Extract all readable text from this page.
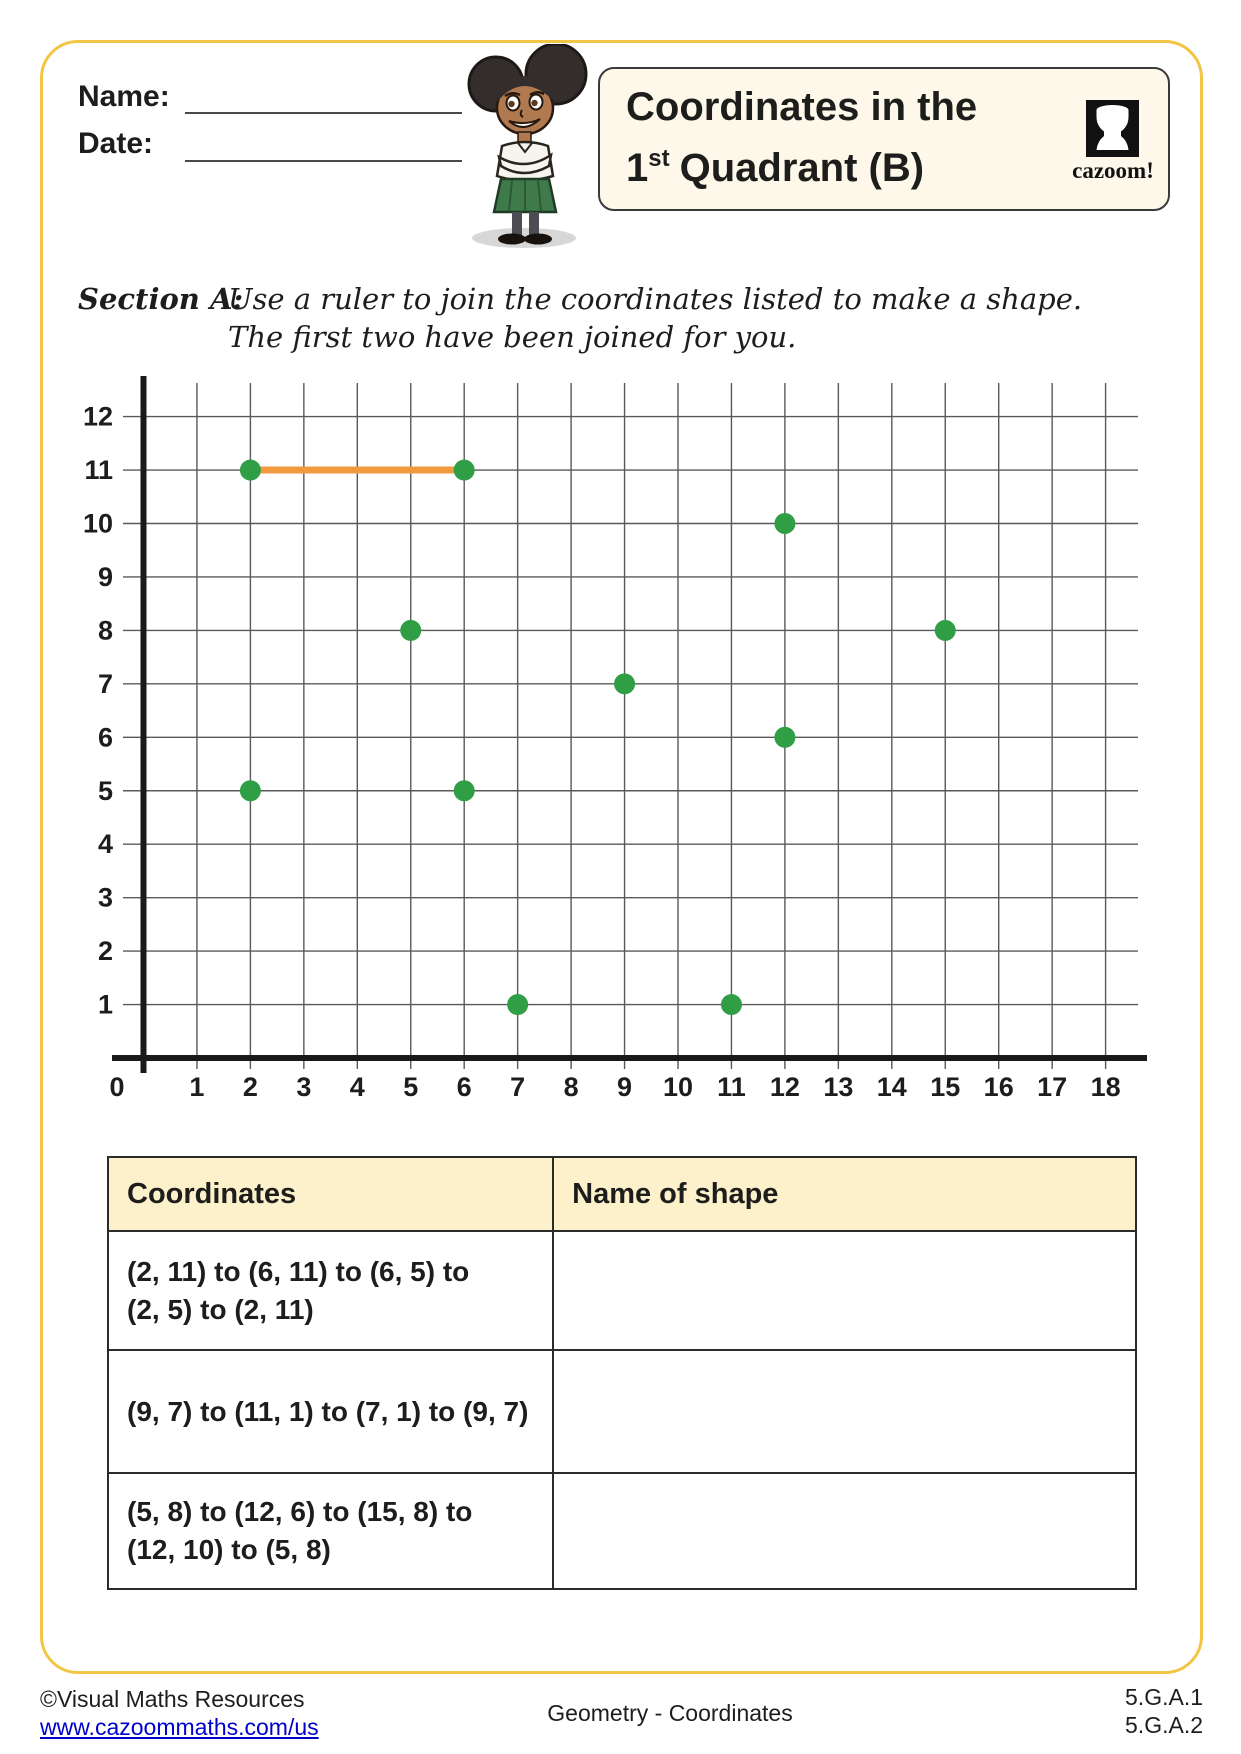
Name:
Date:
Coordinates in the
1st Quadrant (B)	cazoom!
Section A:
Use a ruler to join the coordinates listed to make a shape.
The first two have been joined for you.
0 1 2 3 4 5 6 7 8 9 10 11 12 13 14 15 16 17 18
1
2
3
4
5
6
7
8
9
10
11
12
Coordinates	Name of shape
(2, 11) to (6, 11) to (6, 5) to
(2, 5) to (2, 11)
(9, 7) to (11, 1) to (7, 1) to (9, 7)
(5, 8) to (12, 6) to (15, 8) to
(12, 10) to (5, 8)
©Visual Maths Resources
www.cazoommaths.com/us
Geometry - Coordinates
5.G.A.1
5.G.A.2
